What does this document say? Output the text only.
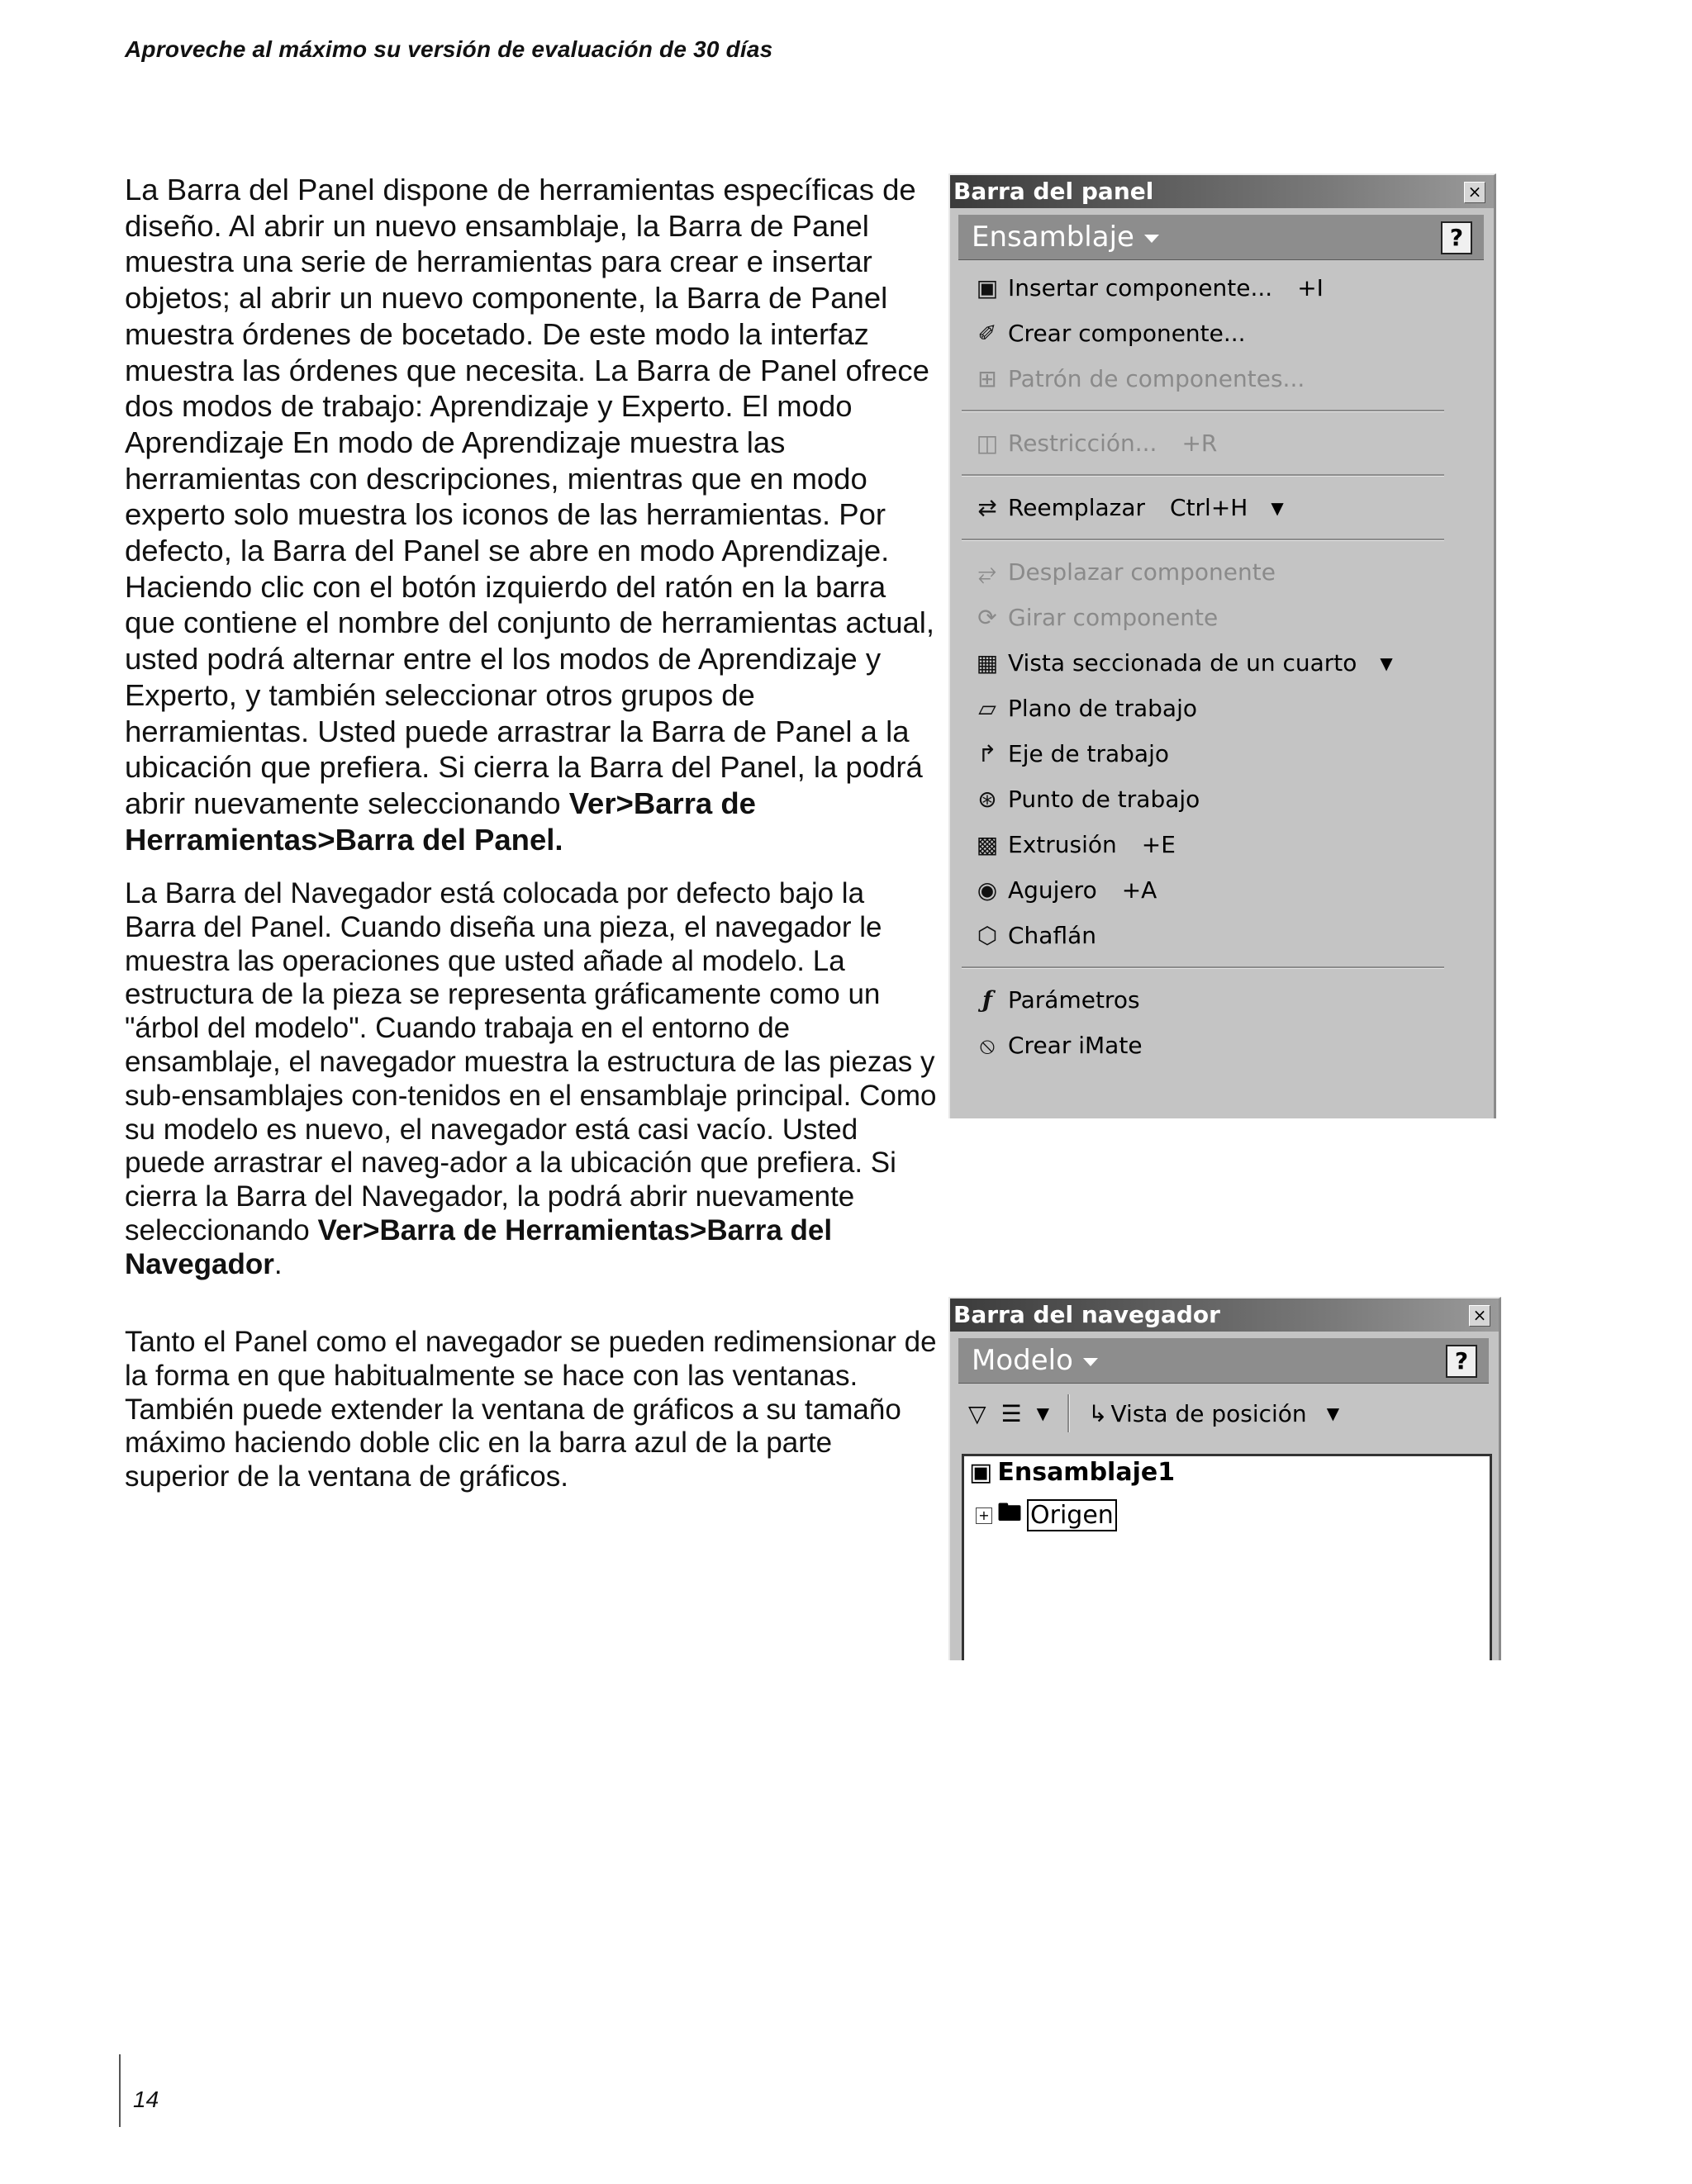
Aproveche al máximo su versión de evaluación de 30 días

La Barra del Panel dispone de herramientas específicas de diseño. Al abrir un nuevo ensamblaje, la Barra de Panel muestra una serie de herramientas para crear e insertar objetos; al abrir un nuevo componente, la Barra de Panel muestra órdenes de bocetado. De este modo la interfaz muestra las órdenes que necesita. La Barra de Panel ofrece dos modos de trabajo: Aprendizaje y Experto. El modo Aprendizaje En modo de Aprendizaje muestra las herramientas con descripciones, mientras que en modo experto solo muestra los iconos de las herramientas. Por defecto, la Barra del Panel se abre en modo Aprendizaje. Haciendo clic con el botón izquierdo del ratón en la barra que contiene el nombre del conjunto de herramientas actual, usted podrá alternar entre el los modos de Aprendizaje y Experto, y también seleccionar otros grupos de herramientas. Usted puede arrastrar la Barra de Panel a la ubicación que prefiera. Si cierra la Barra del Panel, la podrá abrir nuevamente seleccionando Ver>Barra de Herramientas>Barra del Panel.

La Barra del Navegador está colocada por defecto bajo la Barra del Panel. Cuando diseña una pieza, el navegador le muestra las operaciones que usted añade al modelo. La estructura de la pieza se representa gráficamente como un "árbol del modelo". Cuando trabaja en el entorno de ensamblaje, el navegador muestra la estructura de las piezas y sub-ensamblajes con-tenidos en el ensamblaje principal. Como su modelo es nuevo, el navegador está casi vacío. Usted puede arrastrar el naveg-ador a la ubicación que prefiera. Si cierra la Barra del Navegador, la podrá abrir nuevamente seleccionando Ver>Barra de Herramientas>Barra del Navegador.

Tanto el Panel como el navegador se pueden redimensionar de la forma en que habitualmente se hace con las ventanas. También puede extender la ventana de gráficos a su tamaño máximo haciendo doble clic en la barra azul de la parte superior de la ventana de gráficos.

Barra del panel	×
Ensamblaje	?
▣ Insertar componente... +I
✐ Crear componente...
⊞ Patrón de componentes...
◫ Restricción... +R
⇄ Reemplazar Ctrl+H ▼
⥂ Desplazar componente
⟳ Girar componente
▦ Vista seccionada de un cuarto ▼
▱ Plano de trabajo
↱ Eje de trabajo
⊛ Punto de trabajo
▩ Extrusión +E
◉ Agujero +A
⬡ Chaflán
ƒ Parámetros
⦸ Crear iMate
Barra del navegador	×
Modelo	?
▽ ☰ ▼ ↳ Vista de posición ▼
▣ Ensamblaje1
+ 🖿 Origen
14
